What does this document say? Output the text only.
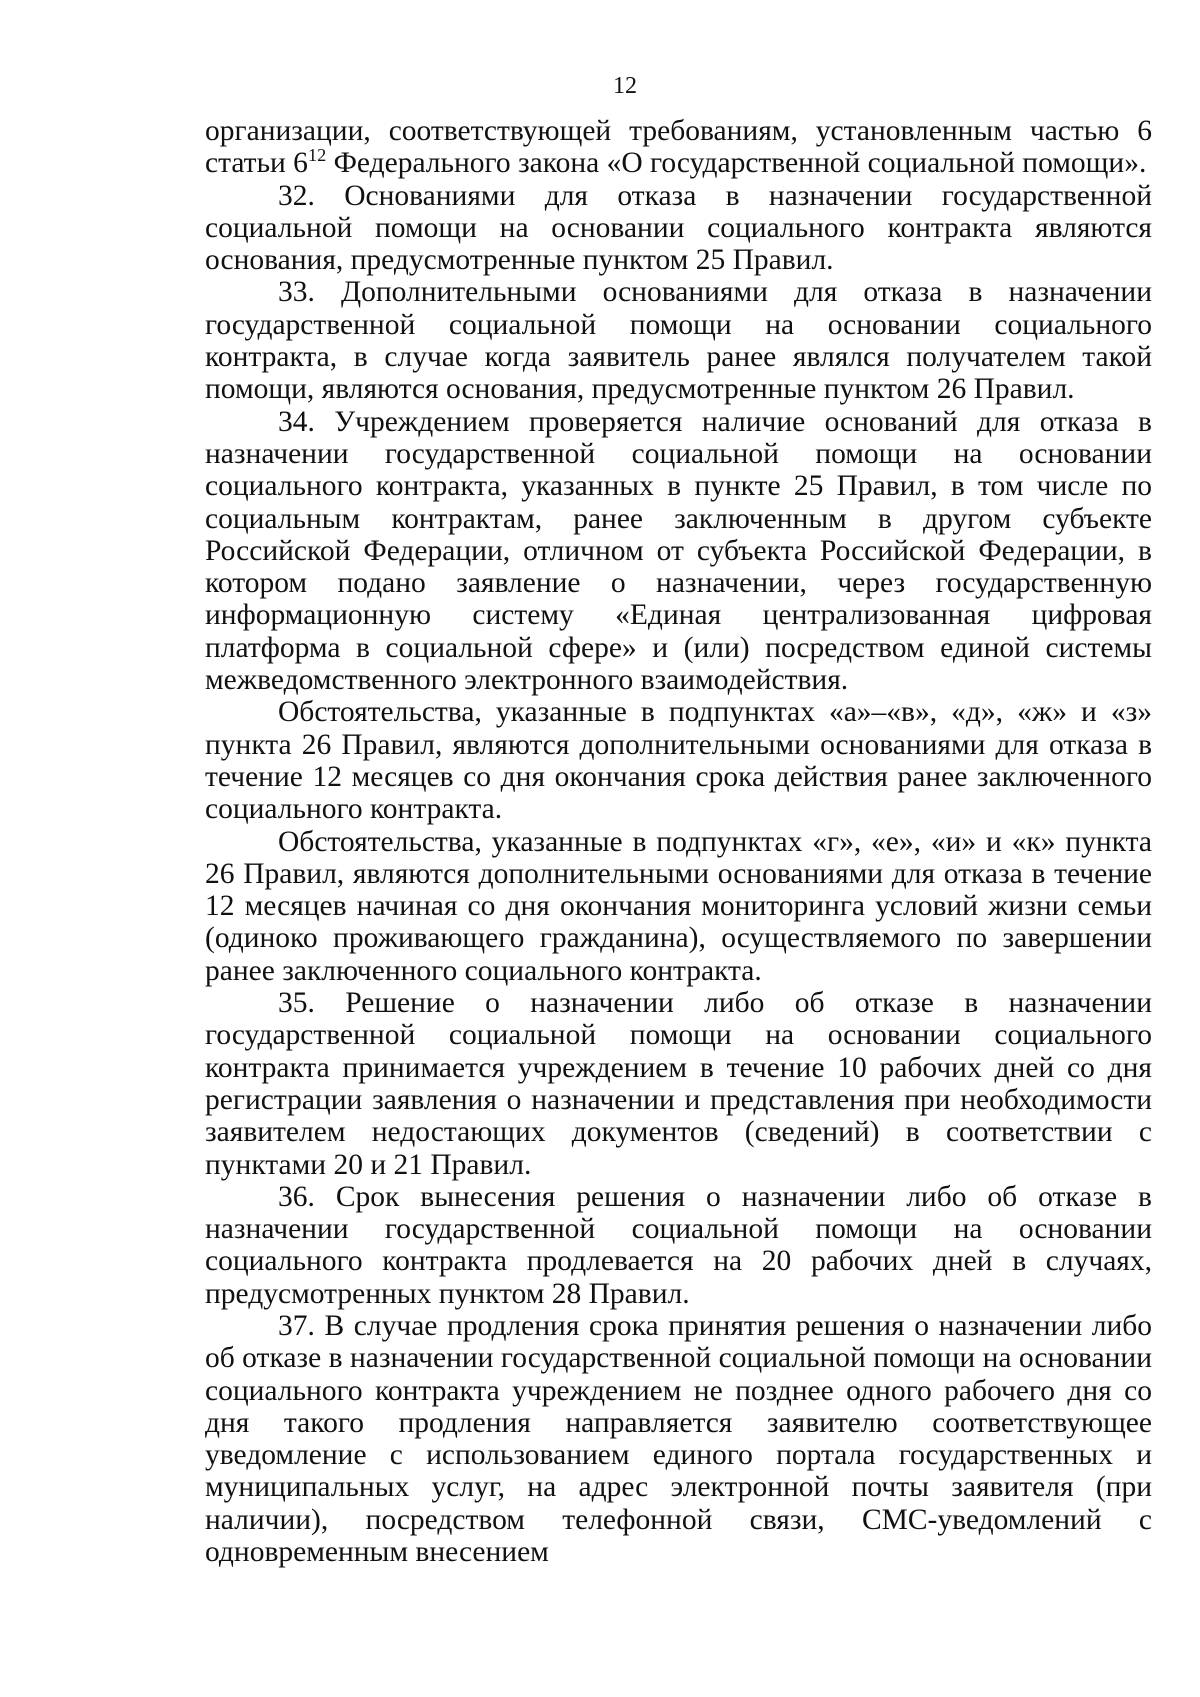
12

организации, соответствующей требованиям, установленным частью 6 статьи $6^{12}$ Федерального закона «О государственной социальной помощи».

32. Основаниями для отказа в назначении государственной социальной помощи на основании социального контракта являются основания, предусмотренные пунктом 25 Правил.

33. Дополнительными основаниями для отказа в назначении государственной социальной помощи на основании социального контракта, в случае когда заявитель ранее являлся получателем такой помощи, являются основания, предусмотренные пунктом 26 Правил.

34. Учреждением проверяется наличие оснований для отказа в назначении государственной социальной помощи на основании социального контракта, указанных в пункте 25 Правил, в том числе по социальным контрактам, ранее заключенным в другом субъекте Российской Федерации, отличном от субъекта Российской Федерации, в котором подано заявление о назначении, через государственную информационную систему «Единая централизованная цифровая платформа в социальной сфере» и (или) посредством единой системы межведомственного электронного взаимодействия.

Обстоятельства, указанные в подпунктах «а»–«в», «д», «ж» и «з» пункта 26 Правил, являются дополнительными основаниями для отказа в течение 12 месяцев со дня окончания срока действия ранее заключенного социального контракта.

Обстоятельства, указанные в подпунктах «г», «е», «и» и «к» пункта 26 Правил, являются дополнительными основаниями для отказа в течение 12 месяцев начиная со дня окончания мониторинга условий жизни семьи (одиноко проживающего гражданина), осуществляемого по завершении ранее заключенного социального контракта.

35. Решение о назначении либо об отказе в назначении государственной социальной помощи на основании социального контракта принимается учреждением в течение 10 рабочих дней со дня регистрации заявления о назначении и представления при необходимости заявителем недостающих документов (сведений) в соответствии с пунктами 20 и 21 Правил.

36. Срок вынесения решения о назначении либо об отказе в назначении государственной социальной помощи на основании социального контракта продлевается на 20 рабочих дней в случаях, предусмотренных пунктом 28 Правил.

37. В случае продления срока принятия решения о назначении либо об отказе в назначении государственной социальной помощи на основании социального контракта учреждением не позднее одного рабочего дня со дня такого продления направляется заявителю соответствующее уведомление с использованием единого портала государственных и муниципальных услуг, на адрес электронной почты заявителя (при наличии), посредством телефонной связи, СМС-уведомлений с одновременным внесением
